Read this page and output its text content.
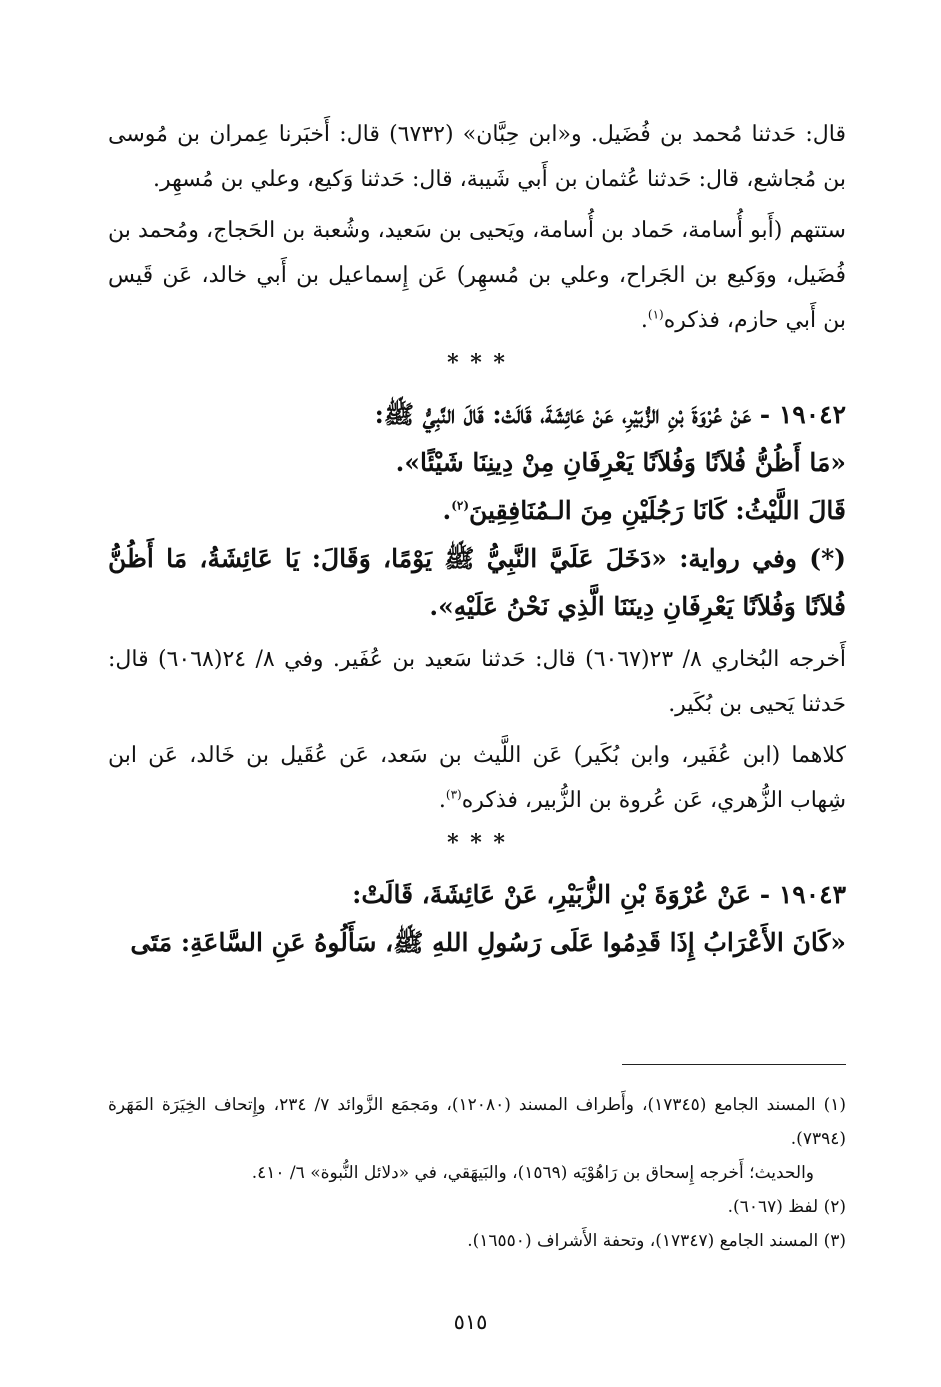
قال: حَدثنا مُحمد بن فُضَيل. و«ابن حِبَّان» (٦٧٣٢) قال: أَخبَرنا عِمران بن مُوسى بن مُجاشع، قال: حَدثنا عُثمان بن أَبي شَيبة، قال: حَدثنا وَكيع، وعلي بن مُسهِر.

ستتهم (أَبو أُسامة، حَماد بن أُسامة، ويَحيى بن سَعيد، وشُعبة بن الحَجاج، ومُحمد بن فُضَيل، ووَكيع بن الجَراح، وعلي بن مُسهِر) عَن إِسماعيل بن أَبي خالد، عَن قَيس بن أَبي حازم، فذكره$^{(١)}$.

* * *

١٩٠٤٢ - عَنْ عُرْوَةَ بْنِ الزُّبَيْرِ، عَنْ عَائِشَةَ، قَالَتْ: قَالَ النَّبِيُّ ﷺ:

«مَا أَظُنُّ فُلاَنًا وَفُلاَنًا يَعْرِفَانِ مِنْ دِينِنَا شَيْئًا».

قَالَ اللَّيْثُ: كَانَا رَجُلَيْنِ مِنَ الـمُنَافِقِينَ$^{(٢)}$.

(*) وفي رواية: «دَخَلَ عَلَيَّ النَّبِيُّ ﷺ يَوْمًا، وَقَالَ: يَا عَائِشَةُ، مَا أَظُنُّ فُلاَنًا وَفُلاَنًا يَعْرِفَانِ دِينَنَا الَّذِي نَحْنُ عَلَيْهِ».

أَخرجه البُخاري ٨/ ٢٣(٦٠٦٧) قال: حَدثنا سَعيد بن عُفَير. وفي ٨/ ٢٤(٦٠٦٨) قال: حَدثنا يَحيى بن بُكَير.

كلاهما (ابن عُفَير، وابن بُكَير) عَن اللَّيث بن سَعد، عَن عُقَيل بن خَالد، عَن ابن شِهاب الزُّهري، عَن عُروة بن الزُّبير، فذكره$^{(٣)}$.

* * *

١٩٠٤٣ - عَنْ عُرْوَةَ بْنِ الزُّبَيْرِ، عَنْ عَائِشَةَ، قَالَتْ:

«كَانَ الأَعْرَابُ إِذَا قَدِمُوا عَلَى رَسُولِ اللهِ ﷺ، سَأَلُوهُ عَنِ السَّاعَةِ: مَتَى

(١) المسند الجامع (١٧٣٤٥)، وأَطراف المسند (١٢٠٨٠)، ومَجمَع الزَّوائد ٧/ ٢٣٤، وإِتحاف الخِيَرَة المَهَرة (٧٣٩٤).

والحديث؛ أَخرجه إِسحاق بن رَاهُوْيَه (١٥٦٩)، والبَيهَقي، في «دلائل النُّبوة» ٦/ ٤١٠.

(٢) لفظ (٦٠٦٧).

(٣) المسند الجامع (١٧٣٤٧)، وتحفة الأَشراف (١٦٥٥٠).

٥١٥
